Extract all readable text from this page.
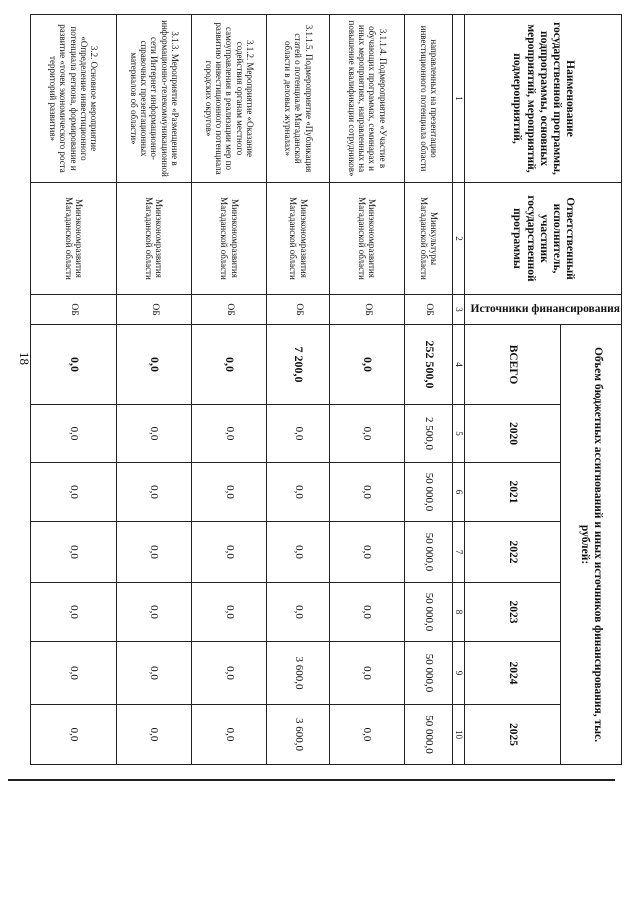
18
Наименование государственной программы, подпрограммы, основных мероприятий, мероприятий, подмероприятий,	Ответственный исполнитель, участник государственной программы	Источники финансирования	Объем бюджетных ассигнований и иных источников финансирования, тыс. рублей:						
			ВСЕГО	2020	2021	2022	2023	2024	2025
1	2	3	4	5	6	7	8	9	10
направленных на презентацию инвестиционного потенциала области	Минкультуры Магаданской области	ОБ	252 500,0	2 500,0	50 000,0	50 000,0	50 000,0	50 000,0	50 000,0
3.1.1.4. Подмероприятие «Участие в обучающих программах, семинарах и иных мероприятиях, направленных на повышение квалификации сотрудников»	Минэкономразвития Магаданской области	ОБ	0,0	0,0	0,0	0,0	0,0	0,0	0,0
3.1.1.5. Подмероприятие «Публикация статей о потенциале Магаданской области в деловых журналах»	Минэкономразвития Магаданской области	ОБ	7 200,0	0,0	0,0	0,0	0,0	3 600,0	3 600,0
3.1.2. Мероприятие «Оказание содействия органам местного самоуправления в реализации мер по развитию инвестиционного потенциала городских округов»	Минэкономразвития Магаданской области	ОБ	0,0	0,0	0,0	0,0	0,0	0,0	0,0
3.1.3. Мероприятие «Размещение в информационно-телекоммуникационной сети Интернет информационно-справочных презентационных материалов об области»	Минэкономразвития Магаданской области	ОБ	0,0	0,0	0,0	0,0	0,0	0,0	0,0
3.2. Основное мероприятие «Определение инвестиционного потенциала региона, формирование и развитие «точек экономического роста территорий развития»	Минэкономразвития Магаданской области	ОБ	0,0	0,0	0,0	0,0	0,0	0,0	0,0
